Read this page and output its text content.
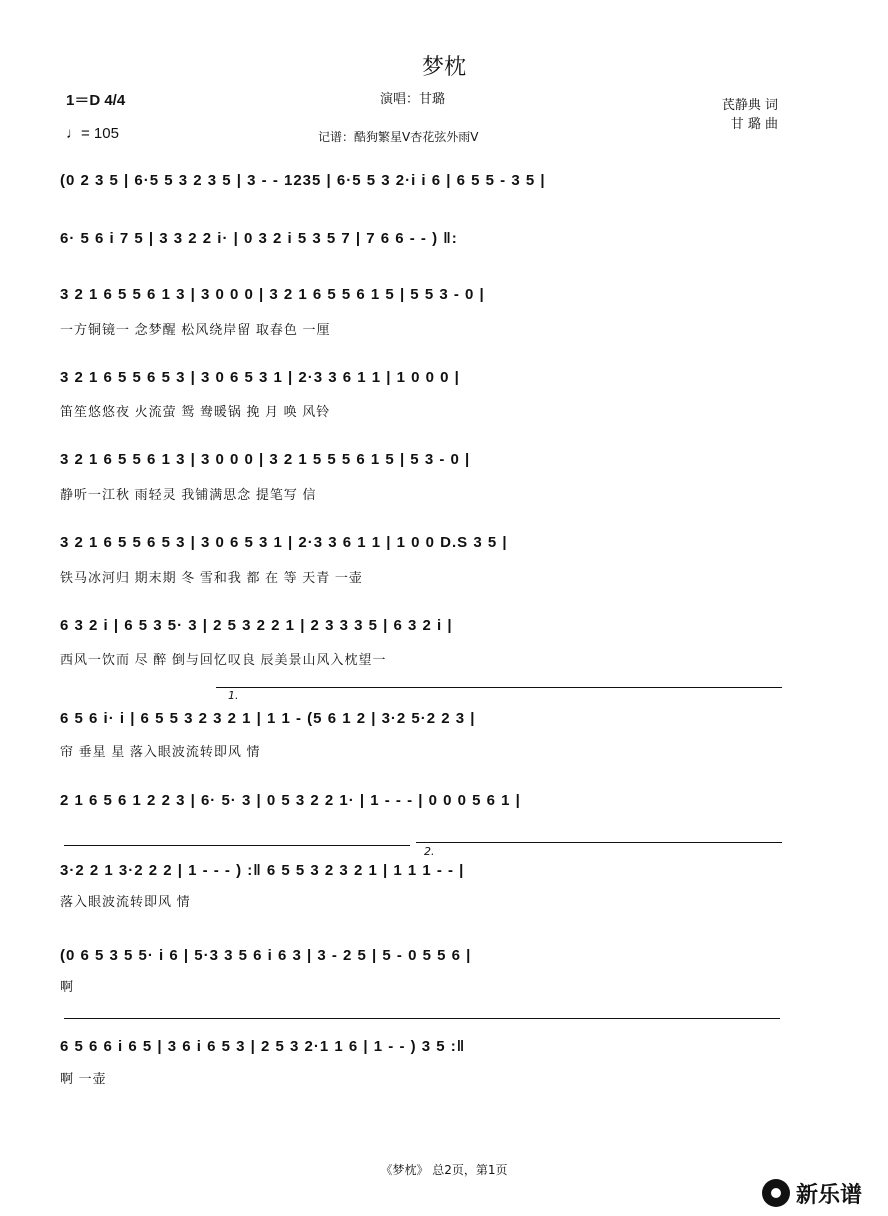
梦枕
1＝D 4/4
♩= 105
演唱：甘璐
记谱：酷狗繁星V杏花弦外雨V
芪静典 词
甘 璐 曲
(0 2 3 5 | 6·5 5 3 2 3 5 | 3 - - 1235 | 6·5 5 3 2·i i 6 | 6 5 5 - 3 5 |
6· 5 6 i 7 5 | 3 3 2 2 i· | 0 3 2 i 5 3 5 7 | 7 6 6 - - ) ‖:
3 2 1 6 5 5 6 1 3 | 3 0 0 0 | 3 2 1 6 5 5 6 1 5 | 5 5 3 - 0 |
一方铜镜一 念梦醒 松风绕岸留 取春色 一厘
3 2 1 6 5 5 6 5 3 | 3 0 6 5 3 1 | 2·3 3 6 1 1 | 1 0 0 0 |
笛笙悠悠夜 火流萤 鸳 鸯暖锅 挽 月 唤 风铃
3 2 1 6 5 5 6 1 3 | 3 0 0 0 | 3 2 1 5 5 5 6 1 5 | 5 3 - 0 |
静听一江秋 雨轻灵 我铺满思念 提笔写 信
3 2 1 6 5 5 6 5 3 | 3 0 6 5 3 1 | 2·3 3 6 1 1 | 1 0 0 D.S 3 5 |
铁马冰河归 期末期 冬 雪和我 都 在 等 天青 一壶
6 3 2 i | 6 5 3 5· 3 | 2 5 3 2 2 1 | 2 3 3 3 5 | 6 3 2 i |
西风一饮而 尽 醉 倒与回忆叹良 辰美景山风入枕望一
1.
6 5 6 i· i | 6 5 5 3 2 3 2 1 | 1 1 - (5 6 1 2 | 3·2 5·2 2 3 |
帘 垂星 星 落入眼波流转即风 情
2 1 6 5 6 1 2 2 3 | 6· 5· 3 | 0 5 3 2 2 1· | 1 - - - | 0 0 0 5 6 1 |
2.
3·2 2 1 3·2 2 2 | 1 - - - ) :‖ 6 5 5 3 2 3 2 1 | 1 1 1 - - |
落入眼波流转即风 情
(0 6 5 3 5 5· i 6 | 5·3 3 5 6 i 6 3 | 3 - 2 5 | 5 - 0 5 5 6 |
啊
6 5 6 6 i 6 5 | 3 6 i 6 5 3 | 2 5 3 2·1 1 6 | 1 - - ) 3 5 :‖
啊 一壶
《梦枕》 总2页，第1页
新乐谱
